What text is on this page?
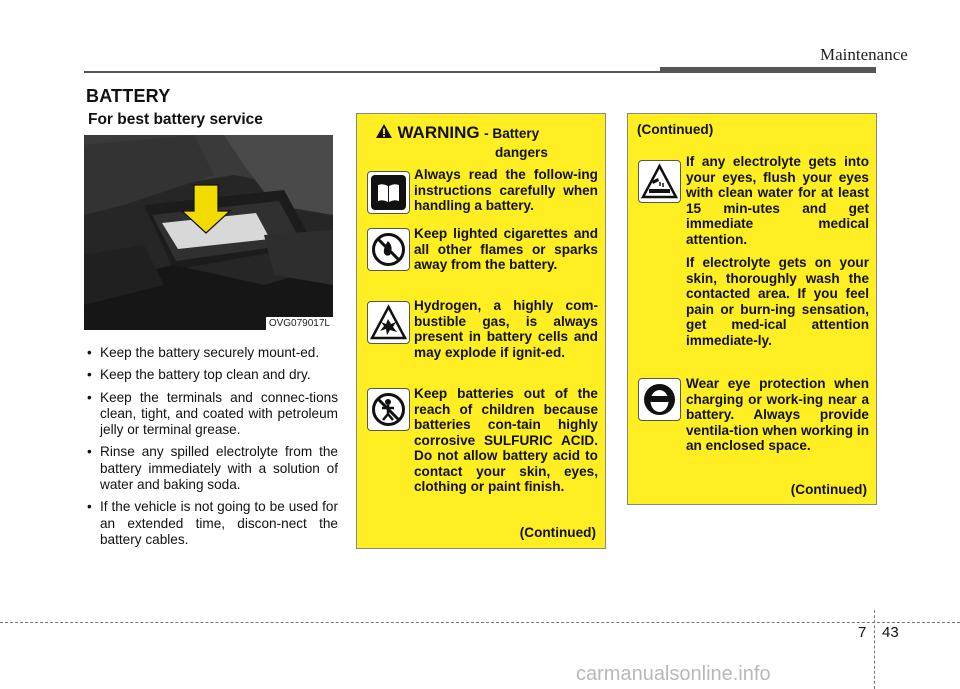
Maintenance
BATTERY
For best battery service
OVG079017L
• Keep the battery securely mount-ed.
• Keep the battery top clean and dry.
• Keep the terminals and connec-tions clean, tight, and coated with petroleum jelly or terminal grease.
• Rinse any spilled electrolyte from the battery immediately with a solution of water and baking soda.
• If the vehicle is not going to be used for an extended time, discon-nect the battery cables.
WARNING - Battery
dangers
Always read the follow-ing instructions carefully when handling a battery.
Keep lighted cigarettes and all other flames or sparks away from the battery.
Hydrogen, a highly com-bustible gas, is always present in battery cells and may explode if ignit-ed.
Keep batteries out of the reach of children because batteries con-tain highly corrosive SULFURIC ACID. Do not allow battery acid to contact your skin, eyes, clothing or paint finish.
(Continued)
(Continued)
If any electrolyte gets into your eyes, flush your eyes with clean water for at least 15 min-utes and get immediate medical attention.
If electrolyte gets on your skin, thoroughly wash the contacted area. If you feel pain or burn-ing sensation, get med-ical attention immediate-ly.
Wear eye protection when charging or work-ing near a battery. Always provide ventila-tion when working in an enclosed space.
(Continued)
7 43
carmanualsonline.info
